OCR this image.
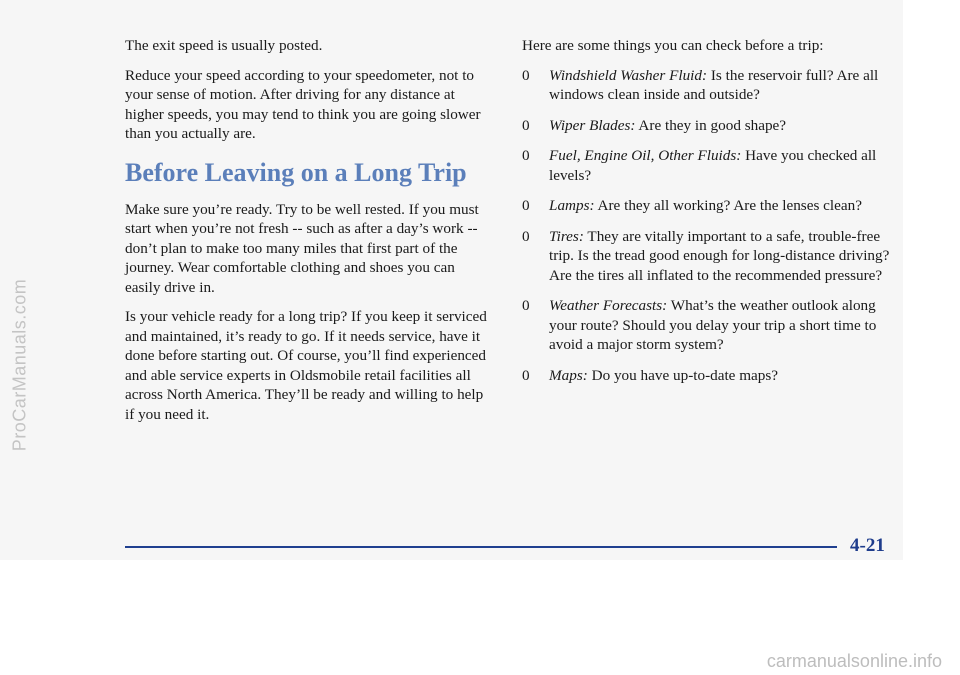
ProCarManuals.com

The exit speed is usually posted.

Reduce your speed according to your speedometer, not to your sense of motion. After driving for any distance at higher speeds, you may tend to think you are going slower than you actually are.

Before Leaving on a Long Trip

Make sure you’re ready. Try to be well rested. If you must start when you’re not fresh -- such as after a day’s work -- don’t plan to make too many miles that first part of the journey. Wear comfortable clothing and shoes you can easily drive in.

Is your vehicle ready for a long trip? If you keep it serviced and maintained, it’s ready to go. If it needs service, have it done before starting out. Of course, you’ll find experienced and able service experts in Oldsmobile retail facilities all across North America. They’ll be ready and willing to help if you need it.

Here are some things you can check before a trip:

0 Windshield Washer Fluid: Is the reservoir full? Are all windows clean inside and outside?
0 Wiper Blades: Are they in good shape?
0 Fuel, Engine Oil, Other Fluids: Have you checked all levels?
0 Lamps: Are they all working? Are the lenses clean?
0 Tires: They are vitally important to a safe, trouble-free trip. Is the tread good enough for long-distance driving? Are the tires all inflated to the recommended pressure?
0 Weather Forecasts: What’s the weather outlook along your route? Should you delay your trip a short time to avoid a major storm system?
0 Maps: Do you have up-to-date maps?
4-21
carmanualsonline.info
